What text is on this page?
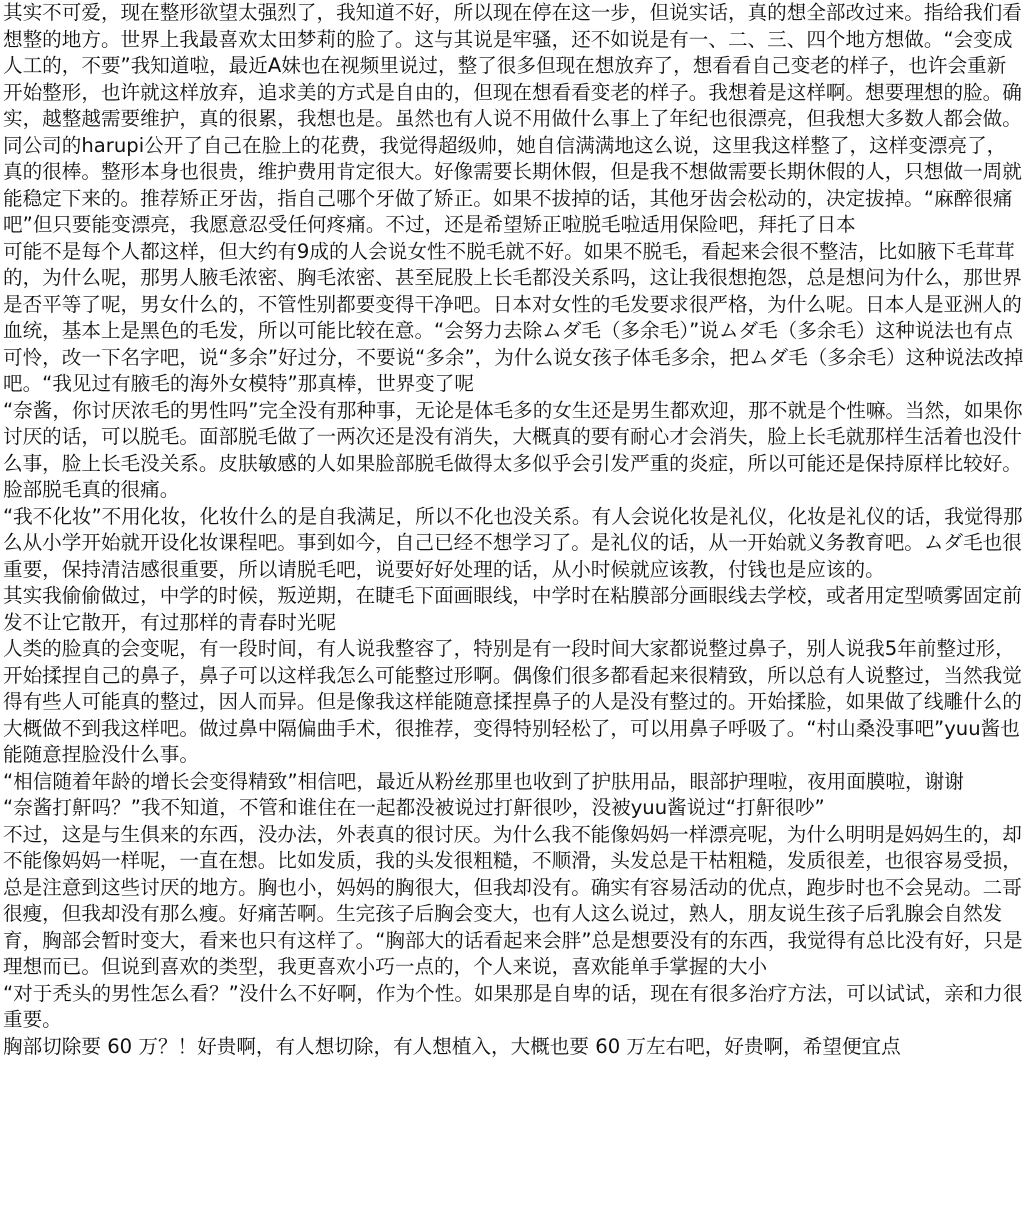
其实不可爱，现在整形欲望太强烈了，我知道不好，所以现在停在这一步，但说实话，真的想全部改过来。指给我们看想整的地方。世界上我最喜欢太田梦莉的脸了。这与其说是牢骚，还不如说是有一、二、三、四个地方想做。“会变成人工的，不要”我知道啦，最近A妹也在视频里说过，整了很多但现在想放弃了，想看看自己变老的样子，也许会重新开始整形，也许就这样放弃，追求美的方式是自由的，但现在想看看变老的样子。我想着是这样啊。想要理想的脸。确实，越整越需要维护，真的很累，我想也是。虽然也有人说不用做什么事上了年纪也很漂亮，但我想大多数人都会做。同公司的harupi公开了自己在脸上的花费，我觉得超级帅，她自信满满地这么说，这里我这样整了，这样变漂亮了，真的很棒。整形本身也很贵，维护费用肯定很大。好像需要长期休假，但是我不想做需要长期休假的人，只想做一周就能稳定下来的。推荐矫正牙齿，指自己哪个牙做了矫正。如果不拔掉的话，其他牙齿会松动的，决定拔掉。“麻醉很痛吧”但只要能变漂亮，我愿意忍受任何疼痛。不过，还是希望矫正啦脱毛啦适用保险吧，拜托了日本

可能不是每个人都这样，但大约有9成的人会说女性不脱毛就不好。如果不脱毛，看起来会很不整洁，比如腋下毛茸茸的，为什么呢，那男人腋毛浓密、胸毛浓密、甚至屁股上长毛都没关系吗，这让我很想抱怨，总是想问为什么，那世界是否平等了呢，男女什么的，不管性别都要变得干净吧。日本对女性的毛发要求很严格，为什么呢。日本人是亚洲人的血统，基本上是黑色的毛发，所以可能比较在意。“会努力去除ムダ毛（多余毛）”说ムダ毛（多余毛）这种说法也有点可怜，改一下名字吧，说“多余”好过分，不要说“多余”，为什么说女孩子体毛多余，把ムダ毛（多余毛）这种说法改掉吧。“我见过有腋毛的海外女模特”那真棒，世界变了呢

“奈酱，你讨厌浓毛的男性吗”完全没有那种事，无论是体毛多的女生还是男生都欢迎，那不就是个性嘛。当然，如果你讨厌的话，可以脱毛。面部脱毛做了一两次还是没有消失，大概真的要有耐心才会消失，脸上长毛就那样生活着也没什么事，脸上长毛没关系。皮肤敏感的人如果脸部脱毛做得太多似乎会引发严重的炎症，所以可能还是保持原样比较好。脸部脱毛真的很痛。

“我不化妆”不用化妆，化妆什么的是自我满足，所以不化也没关系。有人会说化妆是礼仪，化妆是礼仪的话，我觉得那么从小学开始就开设化妆课程吧。事到如今，自己已经不想学习了。是礼仪的话，从一开始就义务教育吧。ムダ毛也很重要，保持清洁感很重要，所以请脱毛吧，说要好好处理的话，从小时候就应该教，付钱也是应该的。

其实我偷偷做过，中学的时候，叛逆期，在睫毛下面画眼线，中学时在粘膜部分画眼线去学校，或者用定型喷雾固定前发不让它散开，有过那样的青春时光呢

人类的脸真的会变呢，有一段时间，有人说我整容了，特别是有一段时间大家都说整过鼻子，别人说我5年前整过形，开始揉捏自己的鼻子，鼻子可以这样我怎么可能整过形啊。偶像们很多都看起来很精致，所以总有人说整过，当然我觉得有些人可能真的整过，因人而异。但是像我这样能随意揉捏鼻子的人是没有整过的。开始揉脸，如果做了线雕什么的大概做不到我这样吧。做过鼻中隔偏曲手术，很推荐，变得特别轻松了，可以用鼻子呼吸了。“村山桑没事吧”yuu酱也能随意捏脸没什么事。

“相信随着年龄的增长会变得精致”相信吧，最近从粉丝那里也收到了护肤用品，眼部护理啦，夜用面膜啦，谢谢

“奈酱打鼾吗？”我不知道，不管和谁住在一起都没被说过打鼾很吵，没被yuu酱说过“打鼾很吵”

不过，这是与生俱来的东西，没办法，外表真的很讨厌。为什么我不能像妈妈一样漂亮呢，为什么明明是妈妈生的，却不能像妈妈一样呢，一直在想。比如发质，我的头发很粗糙，不顺滑，头发总是干枯粗糙，发质很差，也很容易受损，总是注意到这些讨厌的地方。胸也小，妈妈的胸很大，但我却没有。确实有容易活动的优点，跑步时也不会晃动。二哥很瘦，但我却没有那么瘦。好痛苦啊。生完孩子后胸会变大，也有人这么说过，熟人，朋友说生孩子后乳腺会自然发育，胸部会暂时变大，看来也只有这样了。“胸部大的话看起来会胖”总是想要没有的东西，我觉得有总比没有好，只是理想而已。但说到喜欢的类型，我更喜欢小巧一点的，个人来说，喜欢能单手掌握的大小

“对于秃头的男性怎么看？”没什么不好啊，作为个性。如果那是自卑的话，现在有很多治疗方法，可以试试，亲和力很重要。

胸部切除要 60 万？！好贵啊，有人想切除，有人想植入，大概也要 60 万左右吧，好贵啊，希望便宜点
